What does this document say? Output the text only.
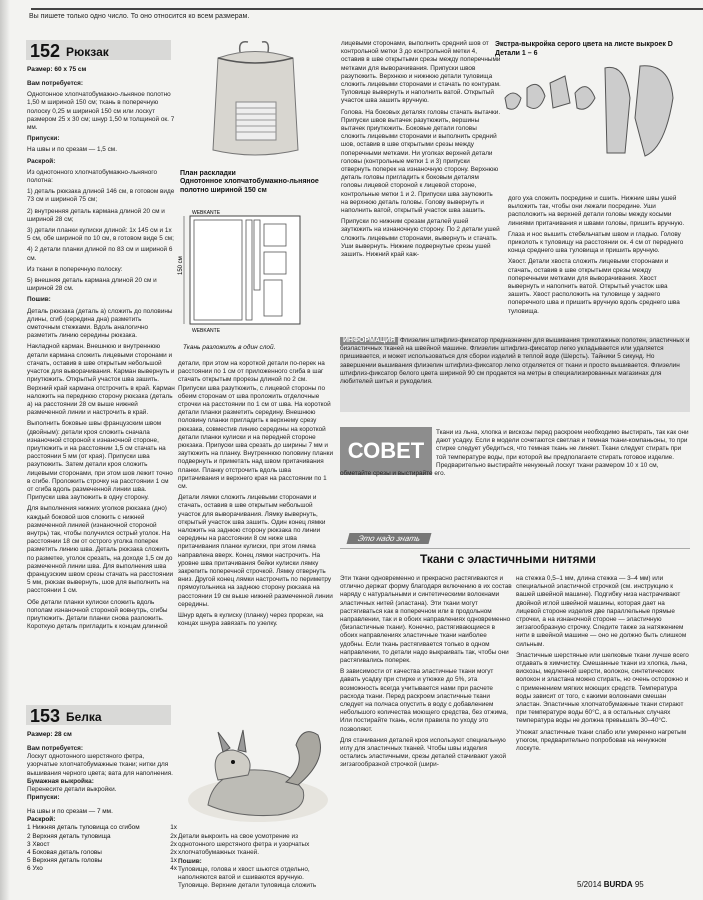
Вы пишете только одно число. То оно относится ко всем размерам.
152 Рюкзак
Размер: 60 x 75 см

Вам потребуется:

Однотонное хлопчатобумажно-льняное полотно 1,50 м шириной 150 см; ткань в поперечную полоску 0,25 м шириной 150 см или лоскут размером 25 x 30 см; шнур 1,50 м толщиной ок. 7 мм.

Припуски:

На швы и по срезам — 1,5 см.

Раскрой:

Из однотонного хлопчатобумажно-льняного полотна:

1) деталь рюкзака длиной 146 см, в готовом виде 73 см и шириной 75 см;

2) внутренняя деталь кармана длиной 20 см и шириной 28 см;

3) детали планки кулиски длиной: 1х 145 см и 1х 5 см, обе шириной по 10 см, в готовом виде 5 см;

4) 2 детали планки длиной по 83 см и шириной 6 см.

Из ткани в поперечную полоску:

5) внешняя деталь кармана длиной 20 см и шириной 28 см.

Пошив:

Деталь рюкзака (деталь а) сложить до половины длины, сгиб (середина дна) разметить сметочным стежками. Вдоль аналогично разметить линию середины рюкзака.

Накладной карман. Внешнюю и внутреннюю детали кармана сложить лицевыми сторонами и стачать, оставив в шве открытым небольшой участок для выворачивания. Карман вывернуть и приутюжить. Открытый участок шва зашить. Верхний край кармана отстрочить в край. Карман наложить на переднюю сторону рюкзака (деталь а) на расстоянии 28 см выше нижней размеченной линии и настрочить в край.

Выполнить боковые швы французским швом (двойным): детали кроя сложить сначала изнаночной стороной к изнаночной стороне, приутюжить и на расстоянии 1,5 см стачать на расстоянии 5 мм (от края). Припуски шва разутюжить. Затем детали кроя сложить лицевыми сторонами, при этом шов лежит точно в сгибе. Проложить строчку на расстоянии 1 см от сгиба вдоль размеченной линии шва. Припуски шва заутюжить в одну сторону.

Для выполнения нижних уголков рюкзака (дно) каждый боковой шов сложить с нижней размеченной линией (изнаночной стороной внутрь) так, чтобы получился острый уголок. На расстоянии 18 см от острого уголка поперек разметить линию шва. Деталь рюкзака сложить по разметке, уголок срезать, на доходе 1,5 см до размеченной линии шва. Для выполнения шва французским швом срезы стачать на расстоянии 5 мм, рюкзак вывернуть, шов для выполнить на расстоянии 1 см.

Обе детали планки кулиски сложить вдоль пополам изнаночной стороной вовнутрь, сгибы приутюжить. Детали планки снова разложить. Короткую деталь пригладить к концам длинной

План раскладки
Однотонное хлопчатобумажно-льняное полотно шириной 150 см
150 см
WEBKANTE
WEBKANTE
Ткань разложить в один слой.

детали, при этом на короткой детали по-перек на расстоянии по 1 см от приложенного сгиба в шаг стачать открытым прорезы длиной по 2 см. Припуски шва разутюжить, с лицевой стороны по обеим сторонам от шва проложить отделочные строчки на расстоянии по 1 см от шва. На короткой детали планки разметить середину. Внешнюю половину планки пригладить к верхнему срезу рюкзака, совместив линию середины на короткой детали планки кулиски и на передней стороне рюкзака. Припуски шва срезать до ширины 7 мм и заутюжить на планку. Внутреннюю половину планки подвернуть и приметать над швом притачивания планки. Планку отстрочить вдоль шва притачивания и верхнего края на расстоянии по 1 см.

Детали лямки сложить лицевыми сторонами и стачать, оставив в шве открытым небольшой участок для выворачивания. Лямку вывернуть, открытый участок шва зашить. Один конец лямки наложить на заднюю сторону рюкзака по линии середины на расстоянии 8 см ниже шва притачивания планки кулиски, при этом лямка направлена вверх. Конец лямки настрочить. На уровне шва притачивания бейки кулиски лямку закрепить поперечной строчкой. Лямку отвернуть вниз. Другой конец лямки настрочить по периметру прямоугольника на заднюю сторону рюкзака на расстоянии 19 см выше нижней размеченной линии середины.

Шнур вдеть в кулиску (планку) через прорези, на концах шнура завязать по узелку.

лицевыми сторонами, выполнить средний шов от контрольной метки 3 до контрольной метки 4, оставив в шве открытыми срезы между поперечными метками для выворачивания. Припуски швов разутюжить. Верхнюю и нижнюю детали туловища сложить лицевыми сторонами и стачать по контурам. Туловище вывернуть и наполнить ватой. Открытый участок шва зашить вручную.

Голова. На боковых деталях головы стачать вытачки. Припуски швов вытачек разутюжить, вершины вытачек приутюжить. Боковые детали головы сложить лицевыми сторонами и выполнить средний шов, оставив в шве открытыми срезы между поперечными метками. Ни уголках верхней детали головы (контрольные метки 1 и 3) припуски отвернуть поперек на изнаночную сторону. Верхнюю деталь головы пригладить к боковым деталям головы лицевой стороной к лицевой стороне, контрольные метки 1 и 2. Припуски шва заутюжить на верхнюю деталь головы. Голову вывернуть и наполнить ватой, открытый участок шва зашить.

Припуски по нижним срезам деталей ушей заутюжить на изнаночную сторону. По 2 детали ушей сложить лицевыми сторонами, вывернуть и стачать. Уши вывернуть. Нижние подвернутые срезы ушей зашить. Нижний край каж-

Экстра-выкройка серого цвета на листе выкроек D
Детали 1 – 6

дого уха сложить посредине и сшить. Нижние швы ушей выложить так, чтобы они лежали посредине. Уши расположить на верхней детали головы между косыми линиями притачивания и швами головы, пришить вручную.

Глаза и нос вышить стебельчатым швом и гладью. Голову приколоть к туловищу на расстоянии ок. 4 см от переднего конца среднего шва туловища и пришить вручную.

Хвост. Детали хвоста сложить лицевыми сторонами и стачать, оставив в шве открытыми срезы между поперечными метками для выворачивания. Хвост вывернуть и наполнить ватой. Открытый участок шва зашить. Хвост расположить на туловище у заднего поперечного шва и пришить вручную вдоль среднего шва туловища.

ИНФОРМАЦИЯ Флизелин штифлиз-фиксатор предназначен для вышивания трикотажных полотен, эластичных и биэластичных тканей на швейной машине. Флизелин штифлиз-фиксатор легко укладывается или удаляется пришивается, и может использоваться для сборки изделий в теплой воде (Шерсть). Тайники 5 сикунд. Но завершении вышивания флизелин штифлиз-фиксатор легко отделяется от ткани и просто вышивается. Флизелин штифлиз-фиксатор белого цвета шириной 90 см продается на метры в специализированных магазинах для любителей шитья и рукоделия.
СОВЕТ
Ткани из льна, хлопка и вискозы перед раскроем необходимо выстирать, так как они дают усадку. Если в модели сочетаются светлая и темная ткани-компаньоны, то при стирке следует убедиться, что темная ткань не линяет. Ткани следует стирать при той температуре воды, при которой вы предполагаете стирать готовое изделие. Предварительно выстирайте ненужный лоскут ткани размером 10 x 10 см, обметайте срезы и выстирайте его.
Это надо знать
Ткани с эластичными нитями

Эти ткани одновременно и прекрасно растягиваются и отлично держат форму благодаря включению в их состав наряду с натуральными и синтетическими волокнами эластичных нитей (эластана). Эти ткани могут растягиваться как в поперечном или в продольном направлении, так и в обоих направлениях одновременно (биэластичные ткани). Конечно, растягивающиеся в обоих направлениях эластичные ткани наиболее удобны. Если ткань растягивается только в одном направлении, то детали надо выкраивать так, чтобы они растягивались поперек.

В зависимости от качества эластичные ткани могут давать усадку при стирке и утюжке до 5%, эта возможность всегда учитывается нами при расчете расхода ткани. Перед раскроем эластичные ткани следует на полчаса опустить в воду с добавлением небольшого количества моющего средства, без отжима, Или постирайте ткань, если правила по уходу это позволяют.

Для стачивания деталей кроя используют специальную иглу для эластичных тканей. Чтобы швы изделия остались эластичными, срезы деталей стачивают узкой зигзагообразной строчкой (шири-

на стежка 0,5–1 мм, длина стежка — 3–4 мм) или специальной эластичной строчкой (см. инструкцию к вашей швейной машине). Подгибку низа настрачивают двойной иглой швейной машины, которая дает на лицевой стороне изделия две параллельные прямые строчки, а на изнаночной стороне — эластичную зигзагообразную строчку. Следите также за натяжением нити в швейной машине — оно не должно быть слишком сильным.

Эластичные шерстяные или шелковые ткани лучше всего отдавать в химчистку. Смешанные ткани из хлопка, льна, вискозы, медленной шерсти, волокон, синтетических волокон и эластана можно стирать, но очень осторожно и с применением мягких моющих средств. Температура воды зависит от того, с какими волокнами смешан эластан. Эластичные хлопчатобумажные ткани стирают при температуре воды 60°С, а в остальных случаях температура воды не должна превышать 30–40°С.

Утюжат эластичные ткани слабо или умеренно нагретым утюгом, предварительно попробовав на ненужном лоскуте.

153 Белка
Размер: 28 см

Вам потребуется:

Лоскут однотонного шерстяного фетра, узорчатые хлопчатобумажные ткани; нитки для вышивания черного цвета; вата для наполнения.

Бумажная выкройка:

Перенесите детали выкройки.

Припуски:

На швы и по срезам — 7 мм.
Раскрой:
1 Нижняя деталь туловища со сгибом	1x
2 Верхняя деталь туловища	2x
3 Хвост	2x
4 Боковая деталь головы	2x
5 Верхняя деталь головы	1x
6 Ухо	4x

Детали выкроить на свое усмотрение из однотонного шерстяного фетра и узорчатых хлопчатобумажных тканей.

Пошив:

Туловище, голова и хвост шьются отдельно, наполняются ватой и сшиваются вручную.

Туловище. Верхние детали туловища сложить	5/2014 BURDA 95
